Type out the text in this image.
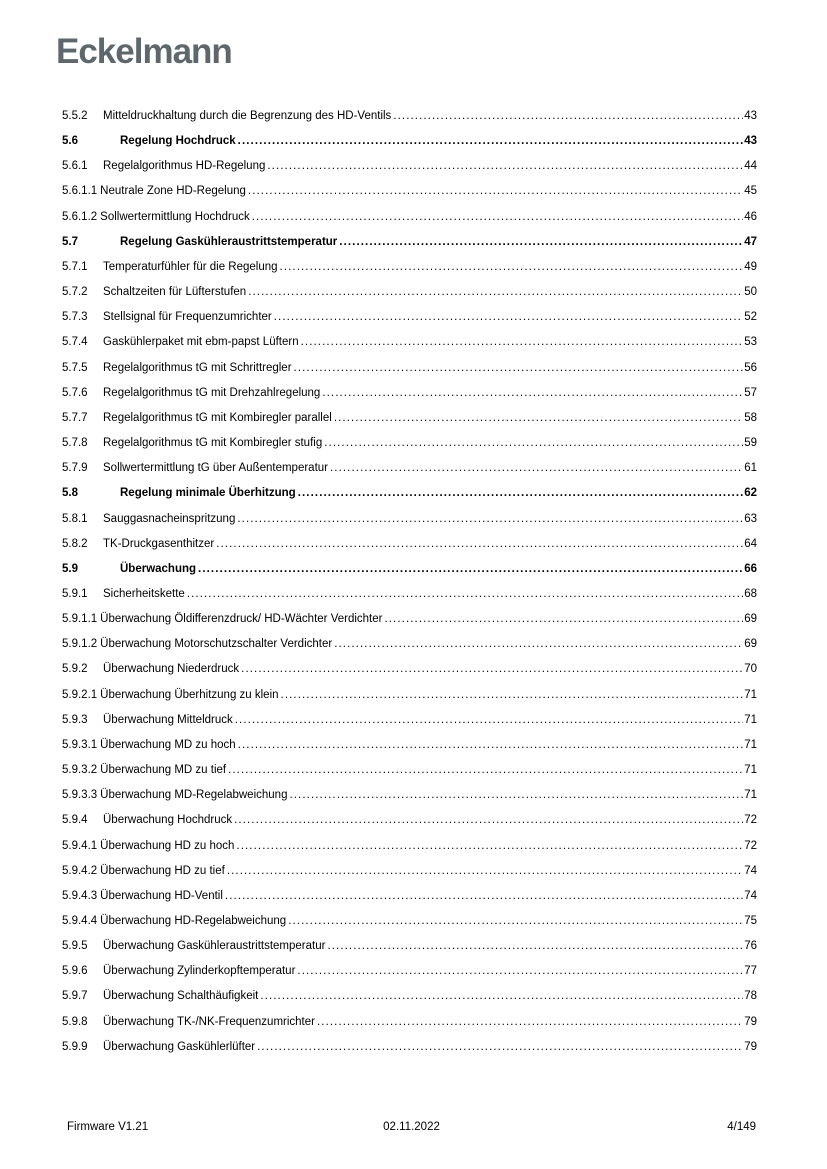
Eckelmann
5.5.2	Mitteldruckhaltung durch die Begrenzung des HD-Ventils .....	43
5.6	Regelung Hochdruck .....	43
5.6.1	Regelalgorithmus HD-Regelung .....	44
5.6.1.1 Neutrale Zone HD-Regelung .....	45
5.6.1.2 Sollwertermittlung Hochdruck .....	46
5.7	Regelung Gaskühleraustrittstemperatur .....	47
5.7.1	Temperaturfühler für die Regelung .....	49
5.7.2	Schaltzeiten für Lüfterstufen .....	50
5.7.3	Stellsignal für Frequenzumrichter .....	52
5.7.4	Gaskühlerpaket mit ebm-papst Lüftern .....	53
5.7.5	Regelalgorithmus tG mit Schrittregler .....	56
5.7.6	Regelalgorithmus tG mit Drehzahlregelung .....	57
5.7.7	Regelalgorithmus tG mit Kombiregler parallel .....	58
5.7.8	Regelalgorithmus tG mit Kombiregler stufig .....	59
5.7.9	Sollwertermittlung tG über Außentemperatur .....	61
5.8	Regelung minimale Überhitzung .....	62
5.8.1	Sauggasnacheinspritzung .....	63
5.8.2	TK-Druckgasenthitzer .....	64
5.9	Überwachung .....	66
5.9.1	Sicherheitskette .....	68
5.9.1.1 Überwachung Öldifferenzdruck/ HD-Wächter Verdichter .....	69
5.9.1.2 Überwachung Motorschutzschalter Verdichter .....	69
5.9.2	Überwachung Niederdruck .....	70
5.9.2.1 Überwachung Überhitzung zu klein .....	71
5.9.3	Überwachung Mitteldruck .....	71
5.9.3.1 Überwachung MD zu hoch .....	71
5.9.3.2 Überwachung MD zu tief .....	71
5.9.3.3 Überwachung MD-Regelabweichung .....	71
5.9.4	Überwachung Hochdruck .....	72
5.9.4.1 Überwachung HD zu hoch .....	72
5.9.4.2 Überwachung HD zu tief .....	74
5.9.4.3 Überwachung HD-Ventil .....	74
5.9.4.4 Überwachung HD-Regelabweichung .....	75
5.9.5	Überwachung Gaskühleraustrittstemperatur .....	76
5.9.6	Überwachung Zylinderkopftemperatur .....	77
5.9.7	Überwachung Schalthäufigkeit .....	78
5.9.8	Überwachung TK-/NK-Frequenzumrichter .....	79
5.9.9	Überwachung Gaskühlerlüfter .....	79
Firmware V1.21	02.11.2022	4/149
